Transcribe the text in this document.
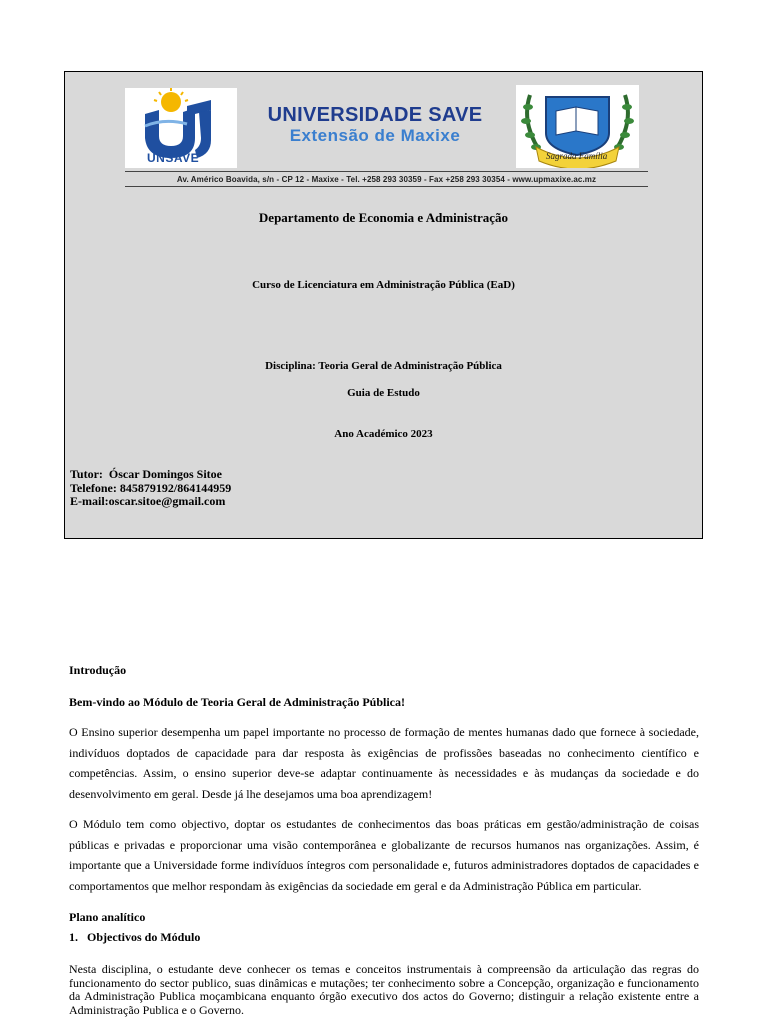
UNSAVE
UNIVERSIDADE SAVE
Extensão de Maxixe
Sagrada Família
Av. Américo Boavida, s/n - CP 12 - Maxixe - Tel. +258 293 30359 - Fax +258 293 30354 - www.upmaxixe.ac.mz
Departamento de Economia e Administração
Curso de Licenciatura em Administração Pública (EaD)
Disciplina: Teoria Geral de Administração Pública
Guia de Estudo
Ano Académico 2023
Tutor:  Óscar Domingos Sitoe
Telefone: 845879192/864144959
E-mail:oscar.sitoe@gmail.com
Introdução
Bem-vindo ao Módulo de Teoria Geral de Administração Pública!
O Ensino superior desempenha um papel importante no processo de formação de mentes humanas dado que fornece à sociedade, indivíduos doptados de capacidade para dar resposta às exigências de profissões baseadas no conhecimento científico e competências. Assim, o ensino superior deve-se adaptar continuamente às necessidades e às mudanças da sociedade e do desenvolvimento em geral. Desde já lhe desejamos uma boa aprendizagem!
O Módulo tem como objectivo, doptar os estudantes de conhecimentos das boas práticas em gestão/administração de coisas públicas e privadas e proporcionar uma visão contemporânea e globalizante de recursos humanos nas organizações. Assim, é importante que a Universidade forme indivíduos íntegros com personalidade e, futuros administradores doptados de capacidades e comportamentos que melhor respondam às exigências da sociedade em geral e da Administração Pública em particular.
Plano analítico
1.   Objectivos do Módulo
Nesta disciplina, o estudante deve conhecer os temas e conceitos instrumentais à compreensão da articulação das regras do funcionamento do sector publico, suas dinâmicas e mutações; ter conhecimento sobre a Concepção, organização e funcionamento da Administração Publica moçambicana enquanto órgão executivo dos actos do Governo; distinguir a relação existente entre a Administração Publica e o Governo.
